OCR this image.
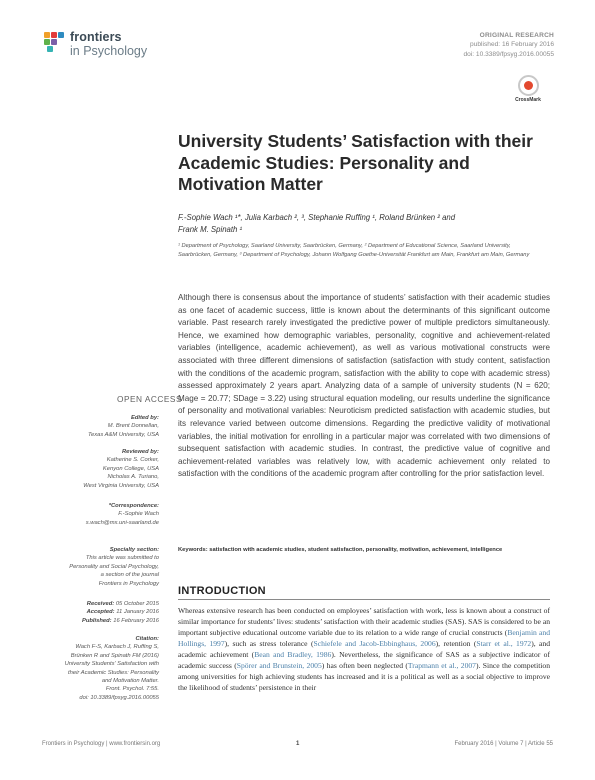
frontiers
in Psychology
ORIGINAL RESEARCH
published: 16 February 2016
doi: 10.3389/fpsyg.2016.00055
CrossMark
University Students’ Satisfaction with their Academic Studies: Personality and Motivation Matter
F.-Sophie Wach ¹*, Julia Karbach ², ³, Stephanie Ruffing ¹, Roland Brünken ² and
Frank M. Spinath ¹
¹ Department of Psychology, Saarland University, Saarbrücken, Germany, ² Department of Educational Science, Saarland University, Saarbrücken, Germany, ³ Department of Psychology, Johann Wolfgang Goethe-Universität Frankfurt am Main, Frankfurt am Main, Germany
Although there is consensus about the importance of students’ satisfaction with their academic studies as one facet of academic success, little is known about the determinants of this significant outcome variable. Past research rarely investigated the predictive power of multiple predictors simultaneously. Hence, we examined how demographic variables, personality, cognitive and achievement-related variables (intelligence, academic achievement), as well as various motivational constructs were associated with three different dimensions of satisfaction (satisfaction with study content, satisfaction with the conditions of the academic program, satisfaction with the ability to cope with academic stress) assessed approximately 2 years apart. Analyzing data of a sample of university students (N = 620; Mage = 20.77; SDage = 3.22) using structural equation modeling, our results underline the significance of personality and motivational variables: Neuroticism predicted satisfaction with academic studies, but its relevance varied between outcome dimensions. Regarding the predictive validity of motivational variables, the initial motivation for enrolling in a particular major was correlated with two dimensions of subsequent satisfaction with academic studies. In contrast, the predictive value of cognitive and achievement-related variables was relatively low, with academic achievement only related to satisfaction with the conditions of the academic program after controlling for the prior satisfaction level.
Keywords: satisfaction with academic studies, student satisfaction, personality, motivation, achievement, intelligence
INTRODUCTION
Whereas extensive research has been conducted on employees’ satisfaction with work, less is known about a construct of similar importance for students’ lives: students’ satisfaction with their academic studies (SAS). SAS is considered to be an important subjective educational outcome variable due to its relation to a wide range of crucial constructs (Benjamin and Hollings, 1997), such as stress tolerance (Schiefele and Jacob-Ebbinghaus, 2006), retention (Starr et al., 1972), and academic achievement (Bean and Bradley, 1986). Nevertheless, the significance of SAS as a subjective indicator of academic success (Spörer and Brunstein, 2005) has often been neglected (Trapmann et al., 2007). Since the competition among universities for high achieving students has increased and it is a political as well as a social objective to improve the likelihood of students’ persistence in their
OPEN ACCESS
Edited by:
M. Brent Donnellan,
Texas A&M University, USA
Reviewed by:
Katherine S. Corker,
Kenyon College, USA
Nicholas A. Turiano,
West Virginia University, USA
*Correspondence:
F.-Sophie Wach
s.wach@mx.uni-saarland.de
Specialty section:
This article was submitted to
Personality and Social Psychology,
a section of the journal
Frontiers in Psychology
Received: 05 October 2015
Accepted: 11 January 2016
Published: 16 February 2016
Citation:
Wach F-S, Karbach J, Ruffing S,
Brünken R and Spinath FM (2016)
University Students’ Satisfaction with
their Academic Studies: Personality
and Motivation Matter.
Front. Psychol. 7:55.
doi: 10.3389/fpsyg.2016.00055
Frontiers in Psychology | www.frontiersin.org	1	February 2016 | Volume 7 | Article 55
